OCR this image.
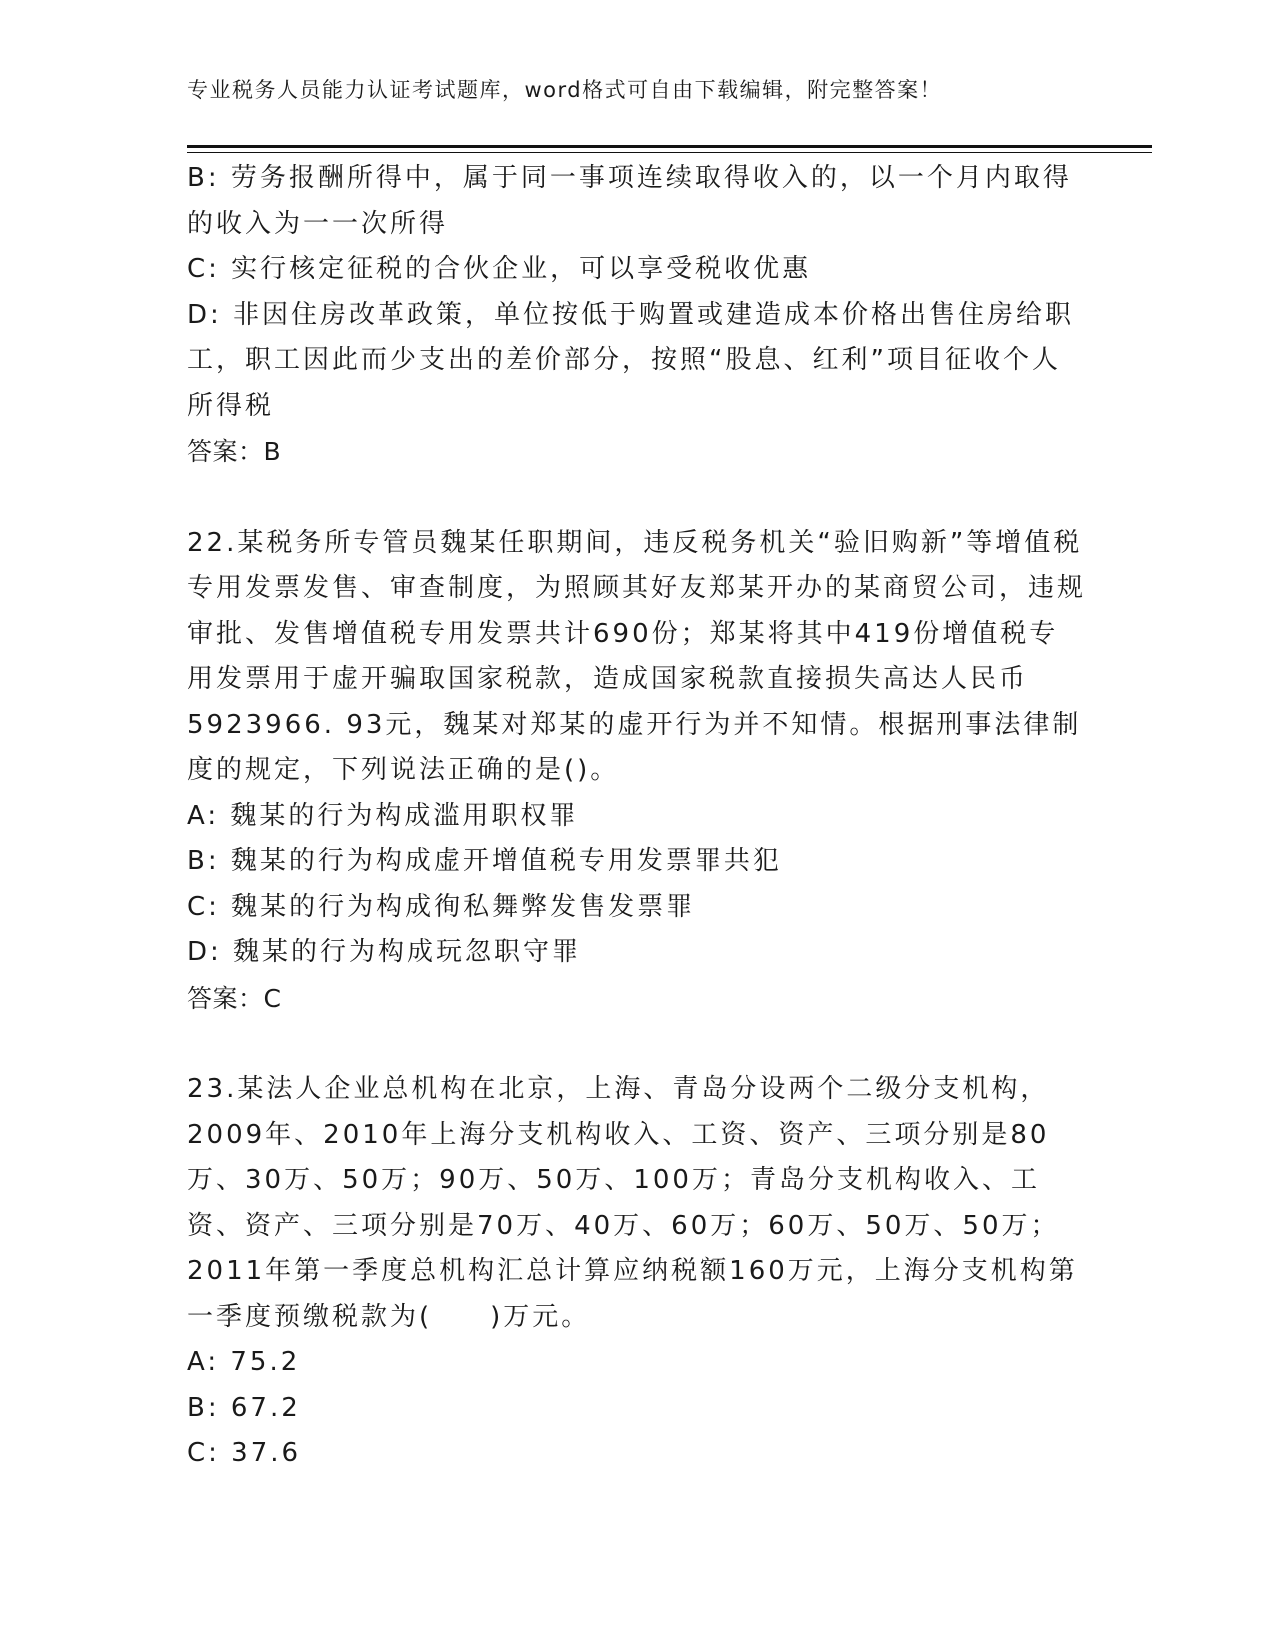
专业税务人员能力认证考试题库，word格式可自由下载编辑，附完整答案！

B: 劳务报酬所得中，属于同一事项连续取得收入的，以一个月内取得的收入为一一次所得

C: 实行核定征税的合伙企业，可以享受税收优惠

D: 非因住房改革政策，单位按低于购置或建造成本价格出售住房给职工，职工因此而少支出的差价部分，按照“股息、红利”项目征收个人所得税

答案：B

22.某税务所专管员魏某任职期间，违反税务机关“验旧购新”等增值税专用发票发售、审查制度，为照顾其好友郑某开办的某商贸公司，违规审批、发售增值税专用发票共计690份；郑某将其中419份增值税专用发票用于虚开骗取国家税款，造成国家税款直接损失高达人民币5923966. 93元，魏某对郑某的虚开行为并不知情。根据刑事法律制度的规定，下列说法正确的是()。

A: 魏某的行为构成滥用职权罪

B: 魏某的行为构成虚开增值税专用发票罪共犯

C: 魏某的行为构成徇私舞弊发售发票罪

D: 魏某的行为构成玩忽职守罪

答案：C

23.某法人企业总机构在北京，上海、青岛分设两个二级分支机构，2009年、2010年上海分支机构收入、工资、资产、三项分别是80万、30万、50万；90万、50万、100万；青岛分支机构收入、工资、资产、三项分别是70万、40万、60万；60万、50万、50万；2011年第一季度总机构汇总计算应纳税额160万元，上海分支机构第一季度预缴税款为(　　)万元。

A: 75.2

B: 67.2

C: 37.6
